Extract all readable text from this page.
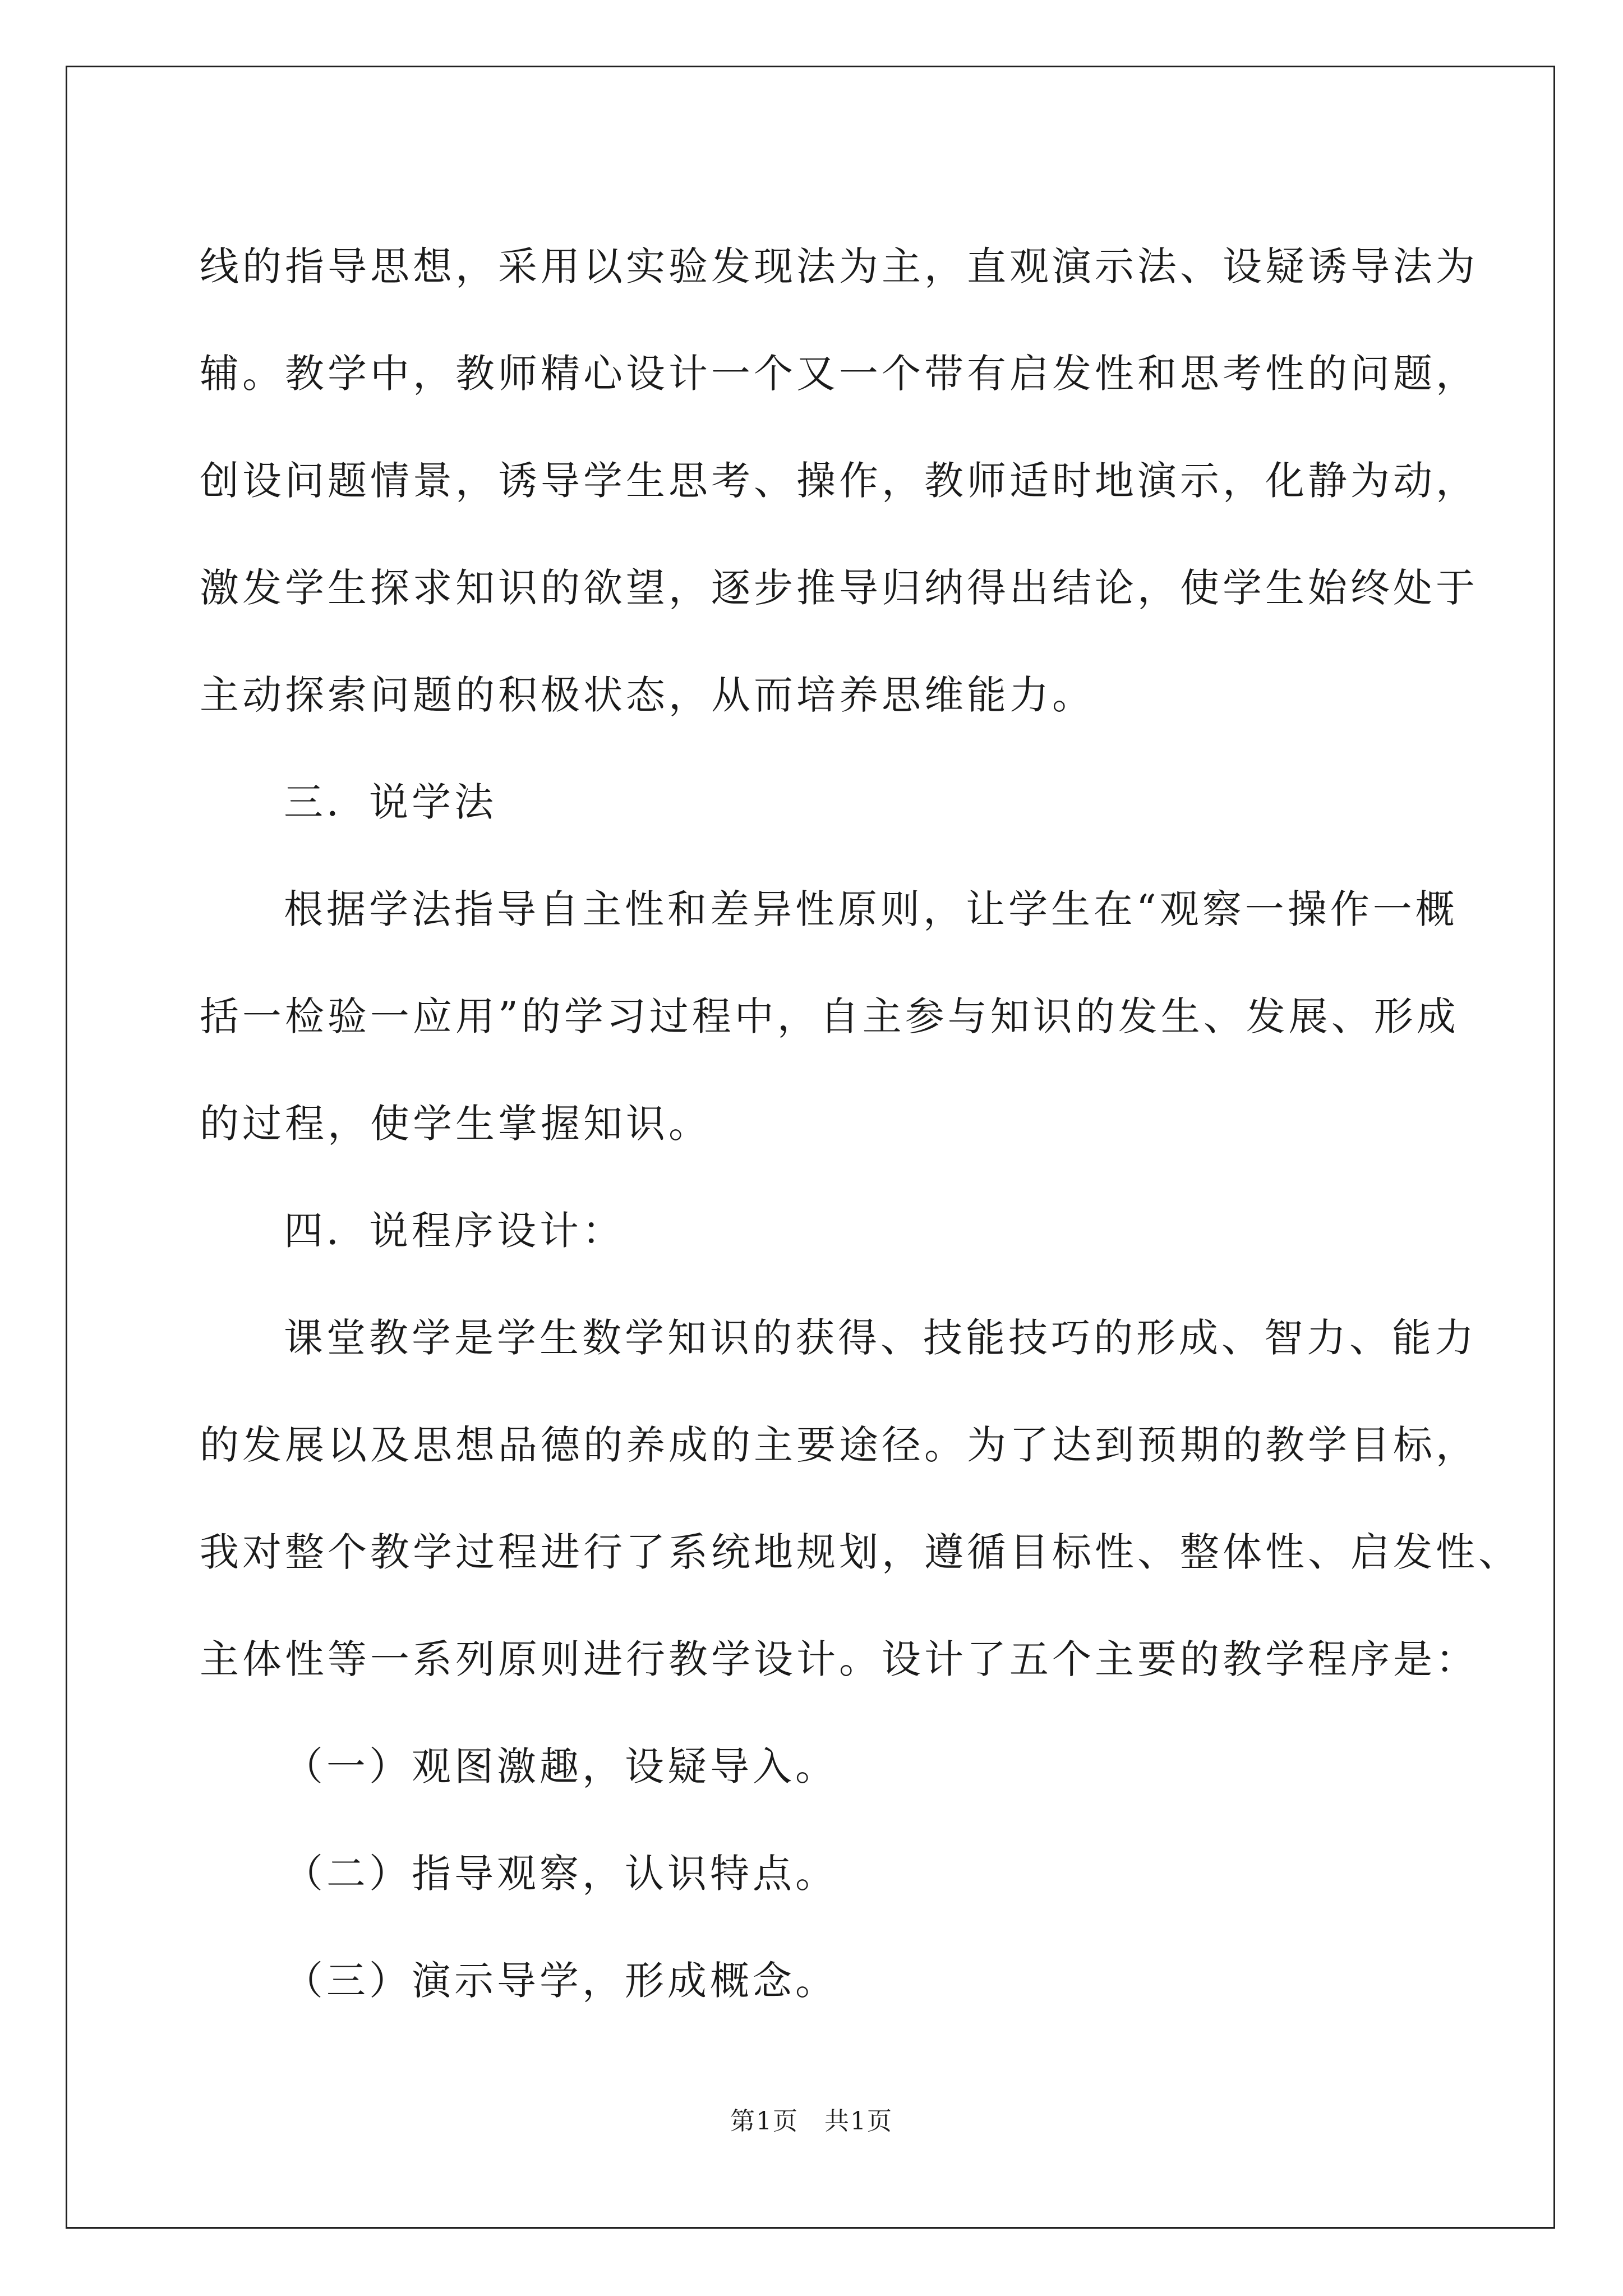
线的指导思想，采用以实验发现法为主，直观演示法、设疑诱导法为
辅。教学中，教师精心设计一个又一个带有启发性和思考性的问题，
创设问题情景，诱导学生思考、操作，教师适时地演示，化静为动，
激发学生探求知识的欲望，逐步推导归纳得出结论，使学生始终处于
主动探索问题的积极状态，从而培养思维能力。
三．说学法
根据学法指导自主性和差异性原则，让学生在“观察一操作一概
括一检验一应用”的学习过程中，自主参与知识的发生、发展、形成
的过程，使学生掌握知识。
四．说程序设计：
课堂教学是学生数学知识的获得、技能技巧的形成、智力、能力
的发展以及思想品德的养成的主要途径。为了达到预期的教学目标，
我对整个教学过程进行了系统地规划，遵循目标性、整体性、启发性、
主体性等一系列原则进行教学设计。设计了五个主要的教学程序是：
（一）观图激趣，设疑导入。
（二）指导观察，认识特点。
（三）演示导学，形成概念。
第1页　共1页
